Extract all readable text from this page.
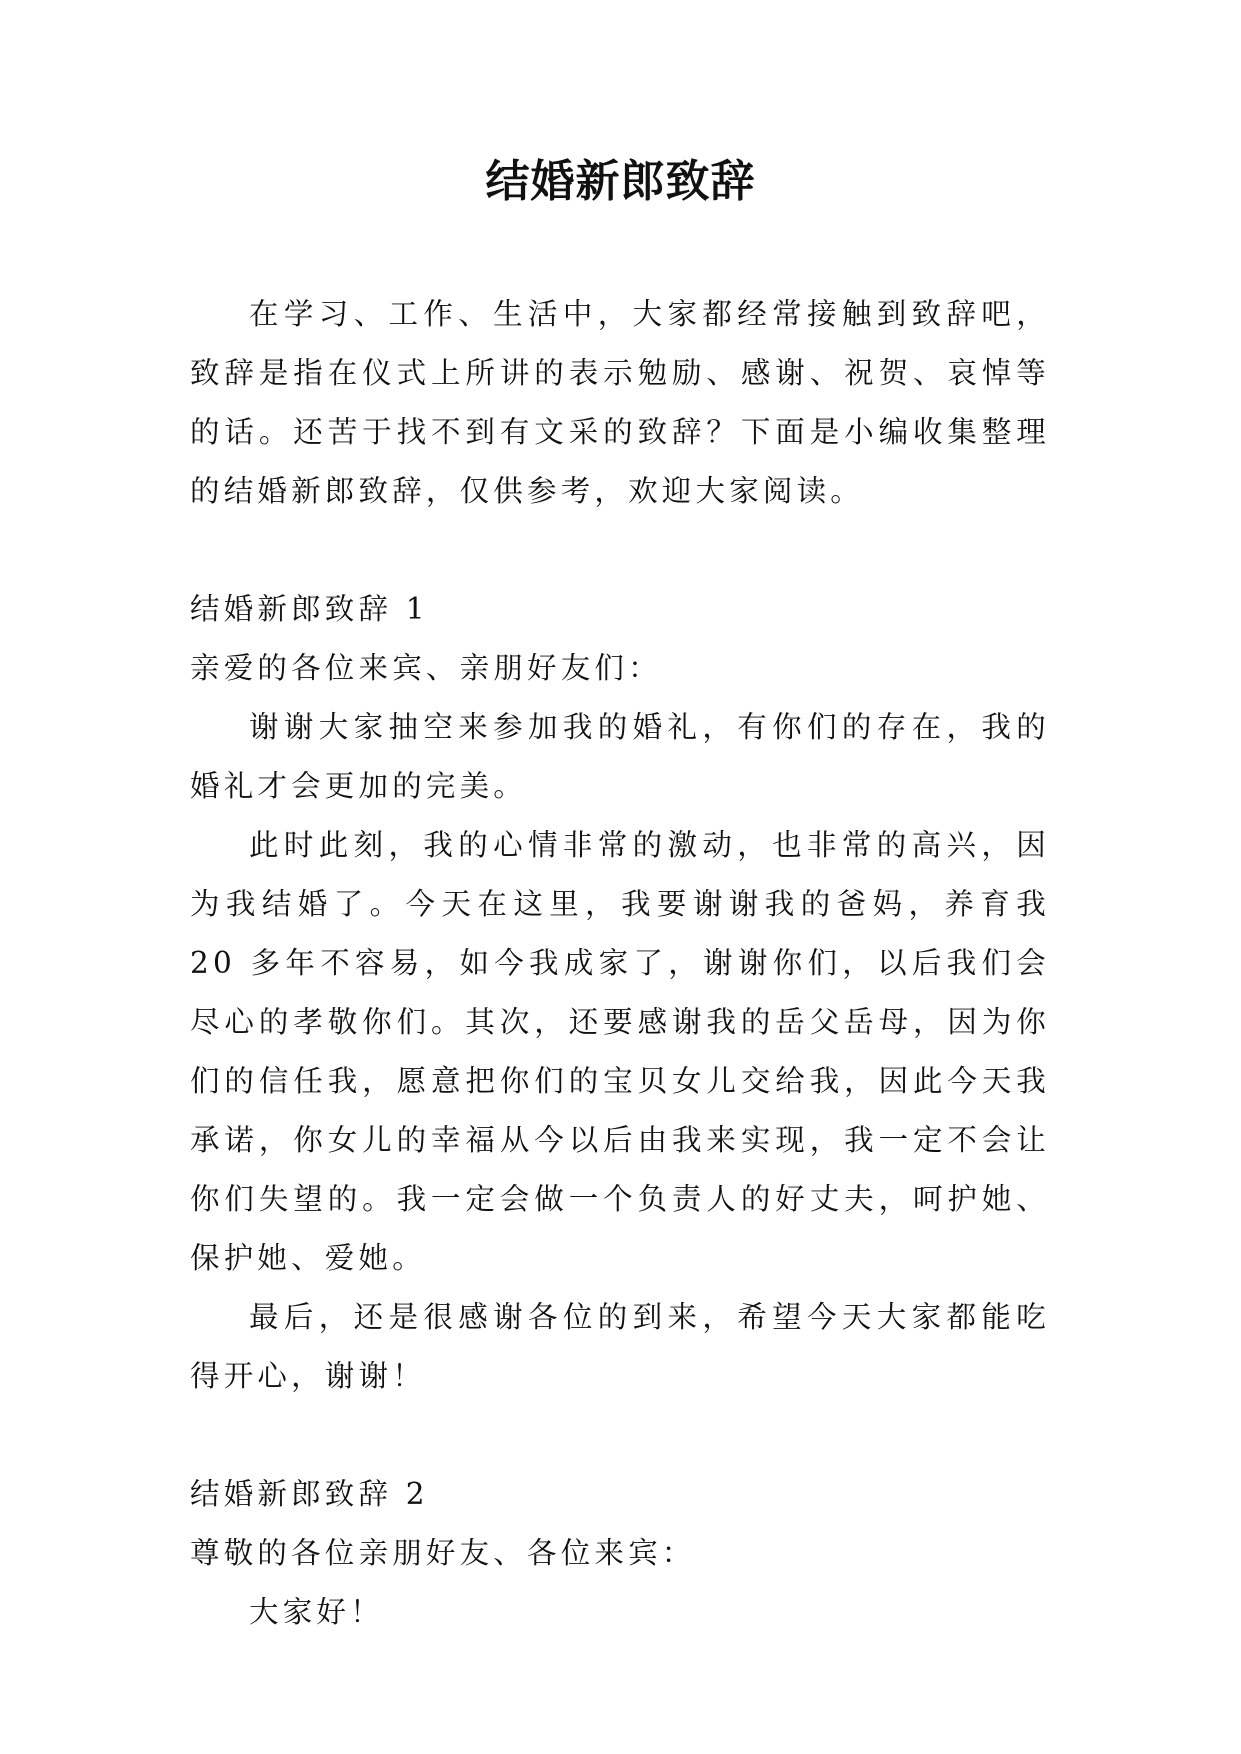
结婚新郎致辞

在学习、工作、生活中，大家都经常接触到致辞吧，致辞是指在仪式上所讲的表示勉励、感谢、祝贺、哀悼等的话。还苦于找不到有文采的致辞？下面是小编收集整理的结婚新郎致辞，仅供参考，欢迎大家阅读。

结婚新郎致辞 1

亲爱的各位来宾、亲朋好友们：

谢谢大家抽空来参加我的婚礼，有你们的存在，我的婚礼才会更加的完美。

此时此刻，我的心情非常的激动，也非常的高兴，因为我结婚了。今天在这里，我要谢谢我的爸妈，养育我 20 多年不容易，如今我成家了，谢谢你们，以后我们会尽心的孝敬你们。其次，还要感谢我的岳父岳母，因为你们的信任我，愿意把你们的宝贝女儿交给我，因此今天我承诺，你女儿的幸福从今以后由我来实现，我一定不会让你们失望的。我一定会做一个负责人的好丈夫，呵护她、保护她、爱她。

最后，还是很感谢各位的到来，希望今天大家都能吃得开心，谢谢！

结婚新郎致辞 2

尊敬的各位亲朋好友、各位来宾：

大家好！
